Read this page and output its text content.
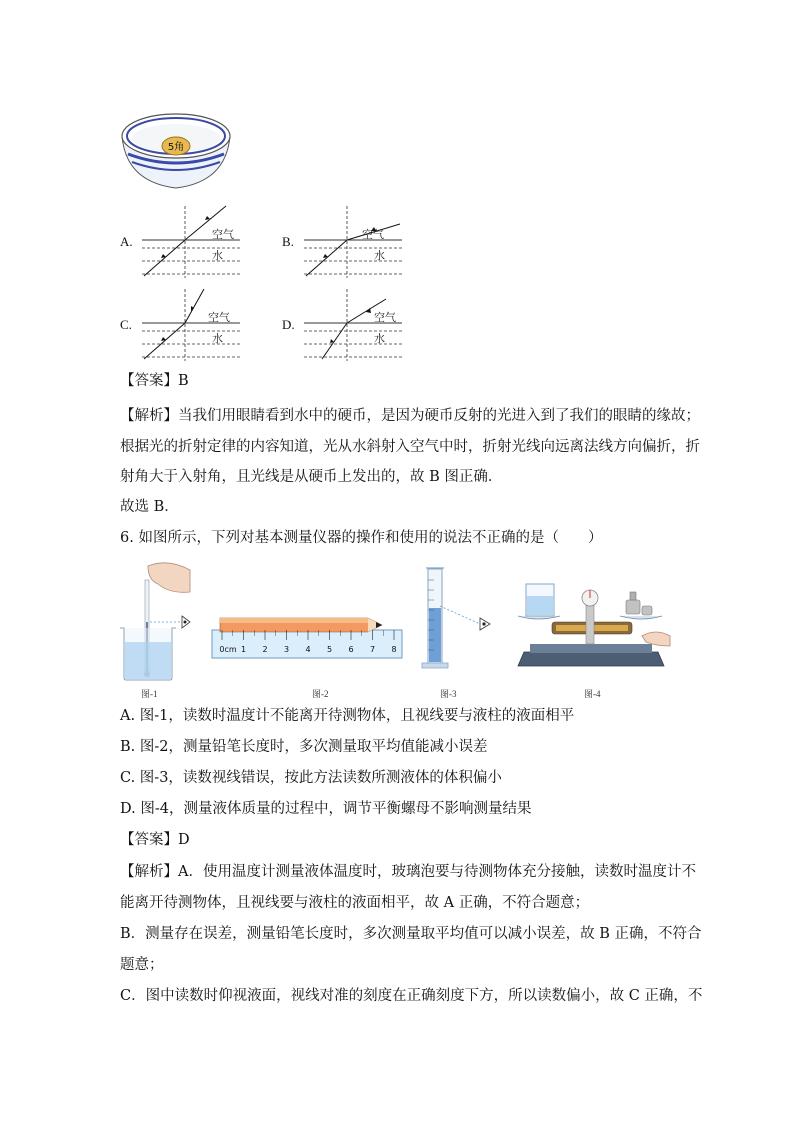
5角
A.	空气
水
B.	空气
水
C.	空气
水
D.	空气
水
【答案】B
【解析】当我们用眼睛看到水中的硬币，是因为硬币反射的光进入到了我们的眼睛的缘故；
根据光的折射定律的内容知道，光从水斜射入空气中时，折射光线向远离法线方向偏折，折
射角大于入射角，且光线是从硬币上发出的，故 B 图正确．
故选 B．
6. 如图所示，下列对基本测量仪器的操作和使用的说法不正确的是（　　）
0cm 1 2 3 4 5 6 7 8
图-1	图-2	图-3	图-4
A. 图-1，读数时温度计不能离开待测物体，且视线要与液柱的液面相平
B. 图-2，测量铅笔长度时，多次测量取平均值能减小误差
C. 图-3，读数视线错误，按此方法读数所测液体的体积偏小
D. 图-4，测量液体质量的过程中，调节平衡螺母不影响测量结果
【答案】D
【解析】A．使用温度计测量液体温度时，玻璃泡要与待测物体充分接触，读数时温度计不
能离开待测物体，且视线要与液柱的液面相平，故 A 正确，不符合题意；
B．测量存在误差，测量铅笔长度时，多次测量取平均值可以减小误差，故 B 正确，不符合
题意；
C．图中读数时仰视液面，视线对准的刻度在正确刻度下方，所以读数偏小，故 C 正确，不
